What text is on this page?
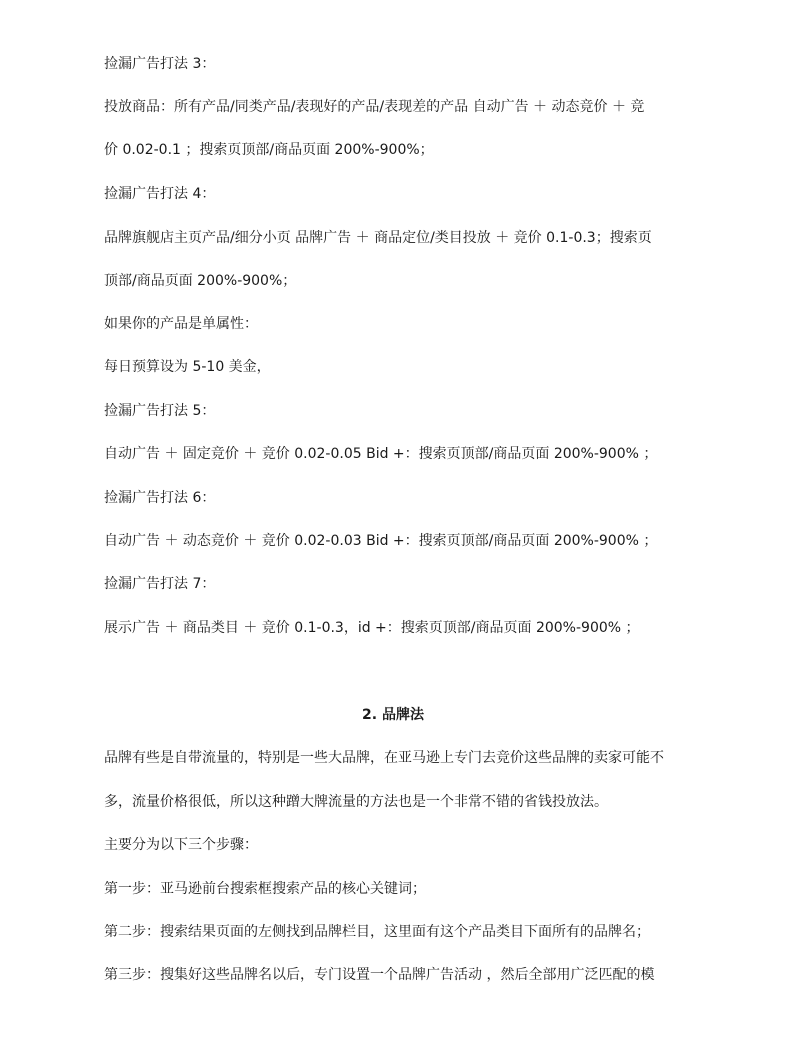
捡漏广告打法 3：
投放商品：所有产品/同类产品/表现好的产品/表现差的产品 自动广告 ＋ 动态竞价 ＋ 竞
价 0.02-0.1 ；搜索页顶部/商品页面 200%-900%；
捡漏广告打法 4：
品牌旗舰店主页产品/细分小页 品牌广告 ＋ 商品定位/类目投放 ＋ 竞价 0.1-0.3；搜索页
顶部/商品页面 200%-900%；
如果你的产品是单属性：
每日预算设为 5-10 美金，
捡漏广告打法 5：
自动广告 ＋ 固定竞价 ＋ 竞价 0.02-0.05 Bid +：搜索页顶部/商品页面 200%-900% ；
捡漏广告打法 6：
自动广告 ＋ 动态竞价 ＋ 竞价 0.02-0.03 Bid +：搜索页顶部/商品页面 200%-900% ；
捡漏广告打法 7：
展示广告 ＋ 商品类目 ＋ 竞价 0.1-0.3，id +：搜索页顶部/商品页面 200%-900% ；
2. 品牌法
品牌有些是自带流量的，特别是一些大品牌，在亚马逊上专门去竞价这些品牌的卖家可能不
多，流量价格很低，所以这种蹭大牌流量的方法也是一个非常不错的省钱投放法。
主要分为以下三个步骤：
第一步：亚马逊前台搜索框搜索产品的核心关键词；
第二步：搜索结果页面的左侧找到品牌栏目，这里面有这个产品类目下面所有的品牌名；
第三步：搜集好这些品牌名以后，专门设置一个品牌广告活动 ，然后全部用广泛匹配的模
